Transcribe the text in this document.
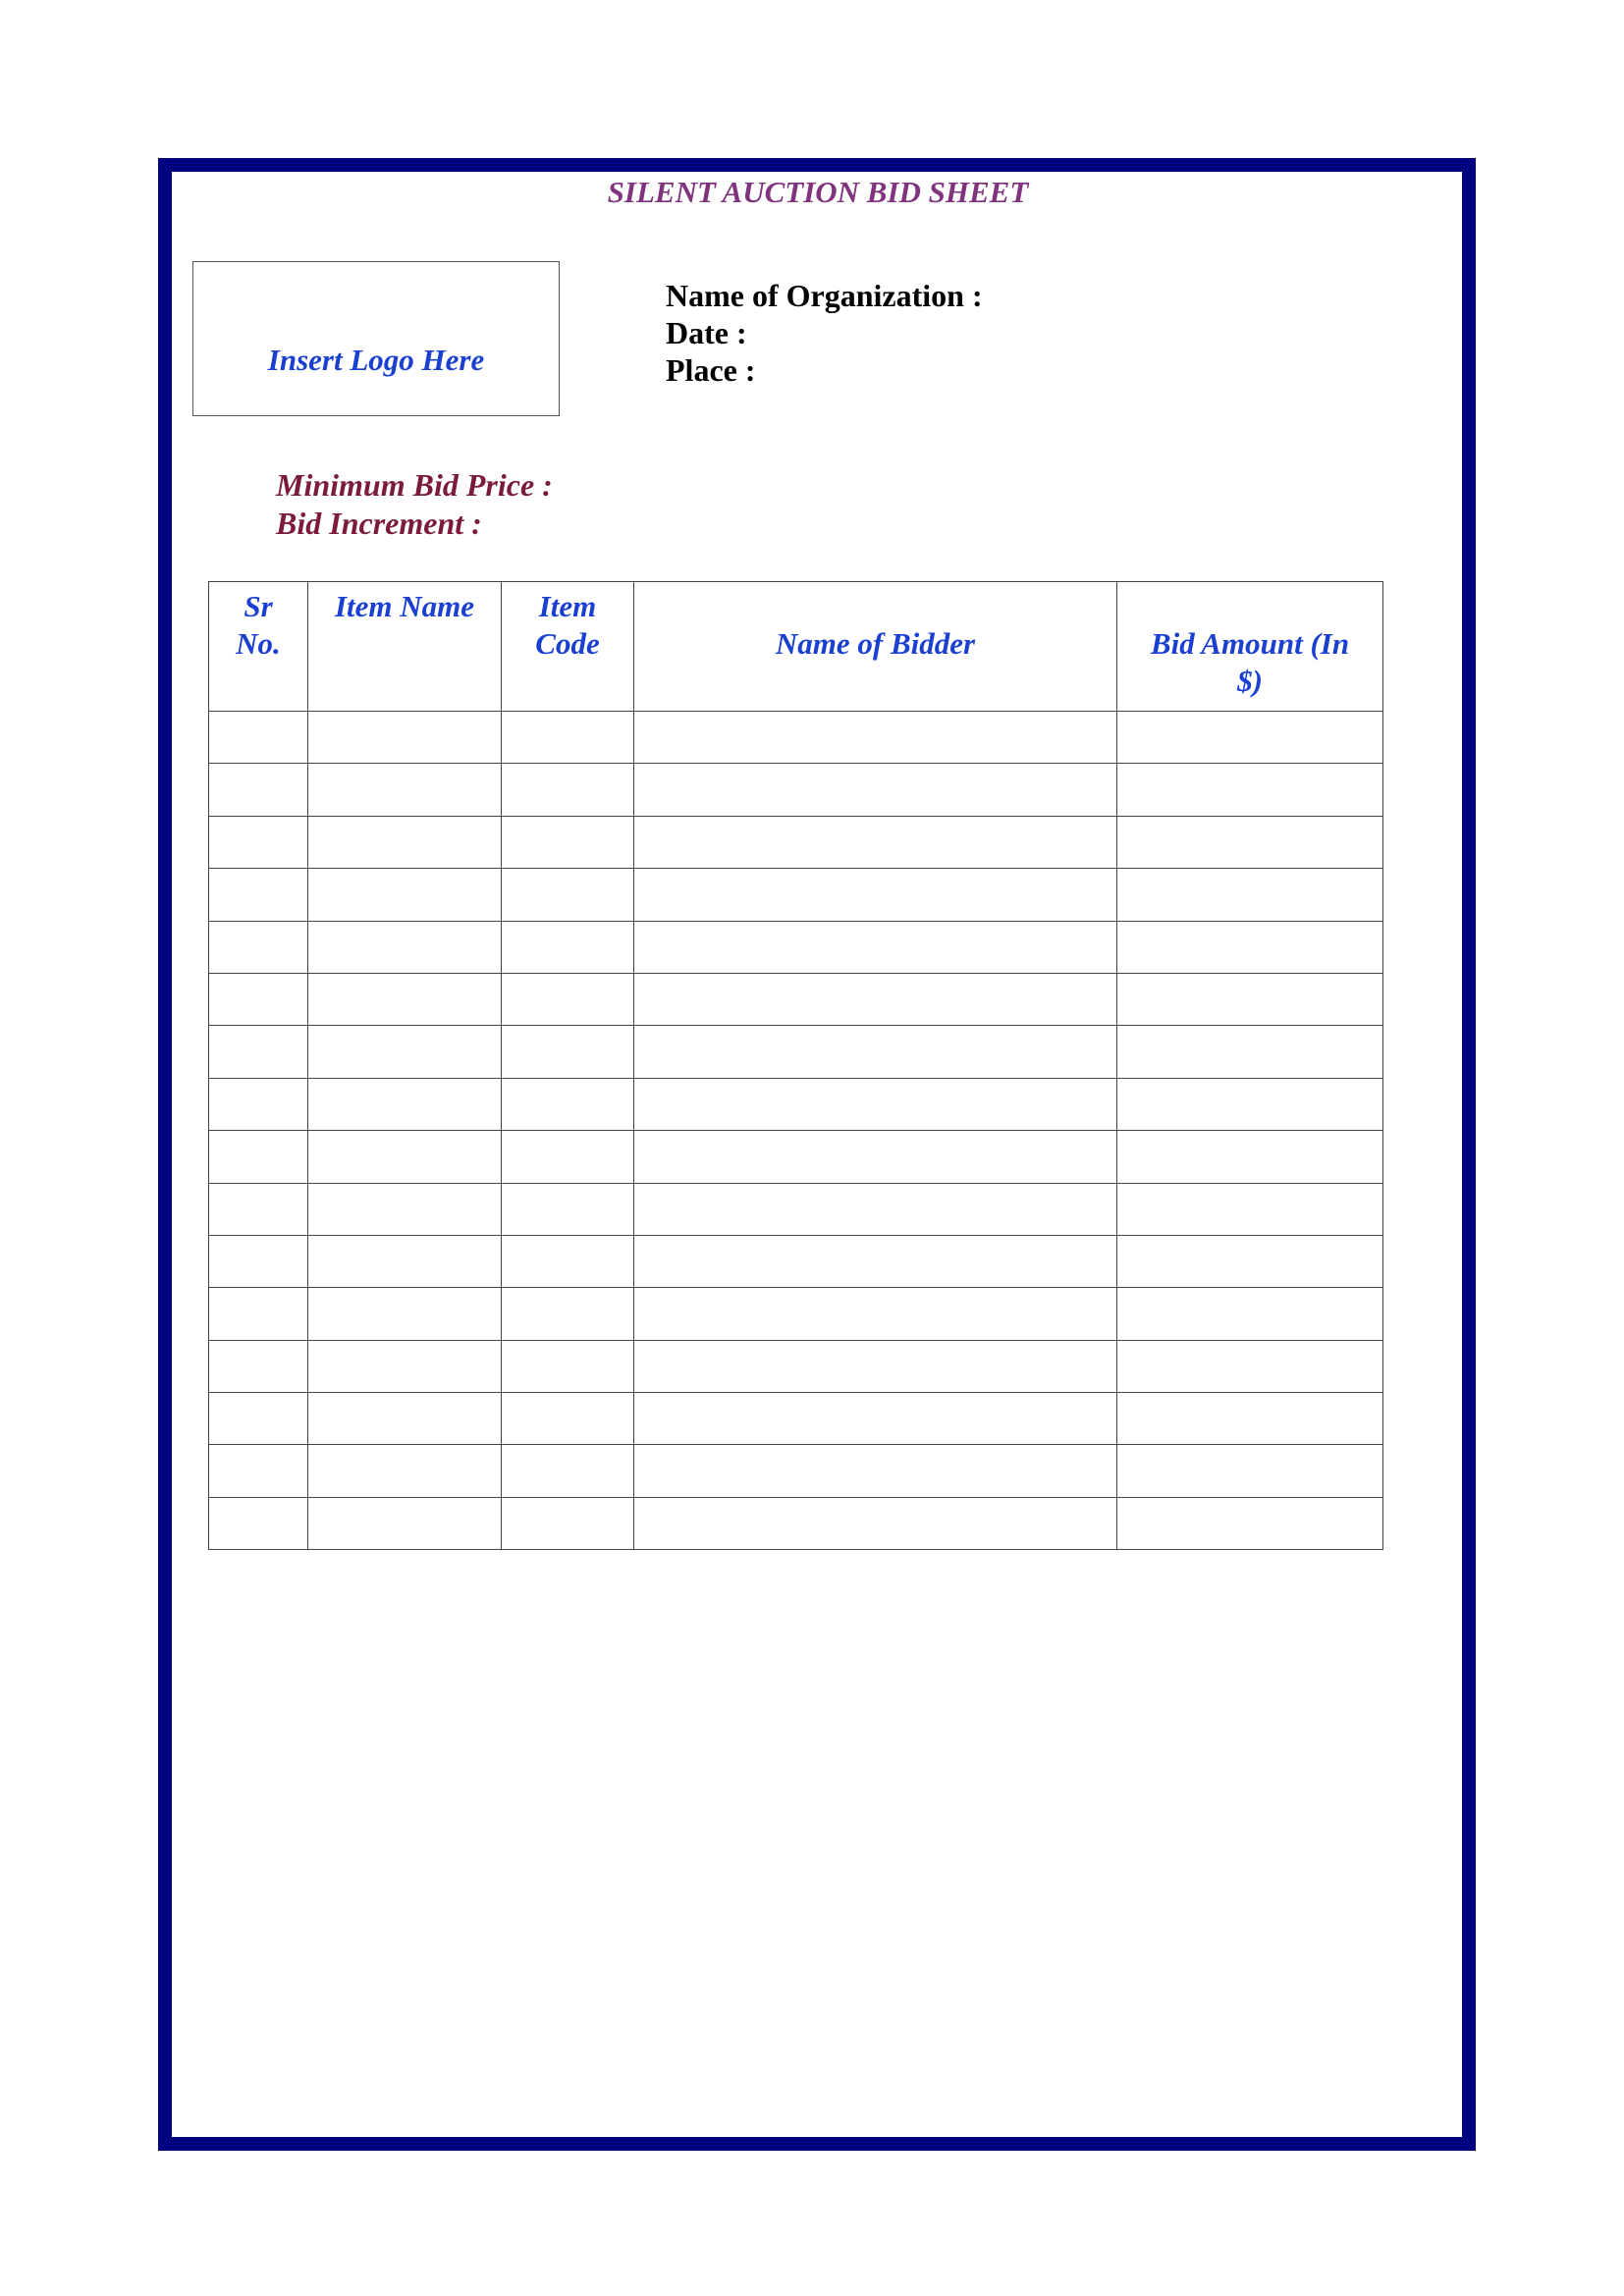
SILENT AUCTION BID SHEET
Insert Logo Here
Name of Organization :
Date :
Place :
Minimum Bid Price :
Bid Increment :
Sr No.	Item Name	Item Code	Name of Bidder	Bid Amount (In $)
